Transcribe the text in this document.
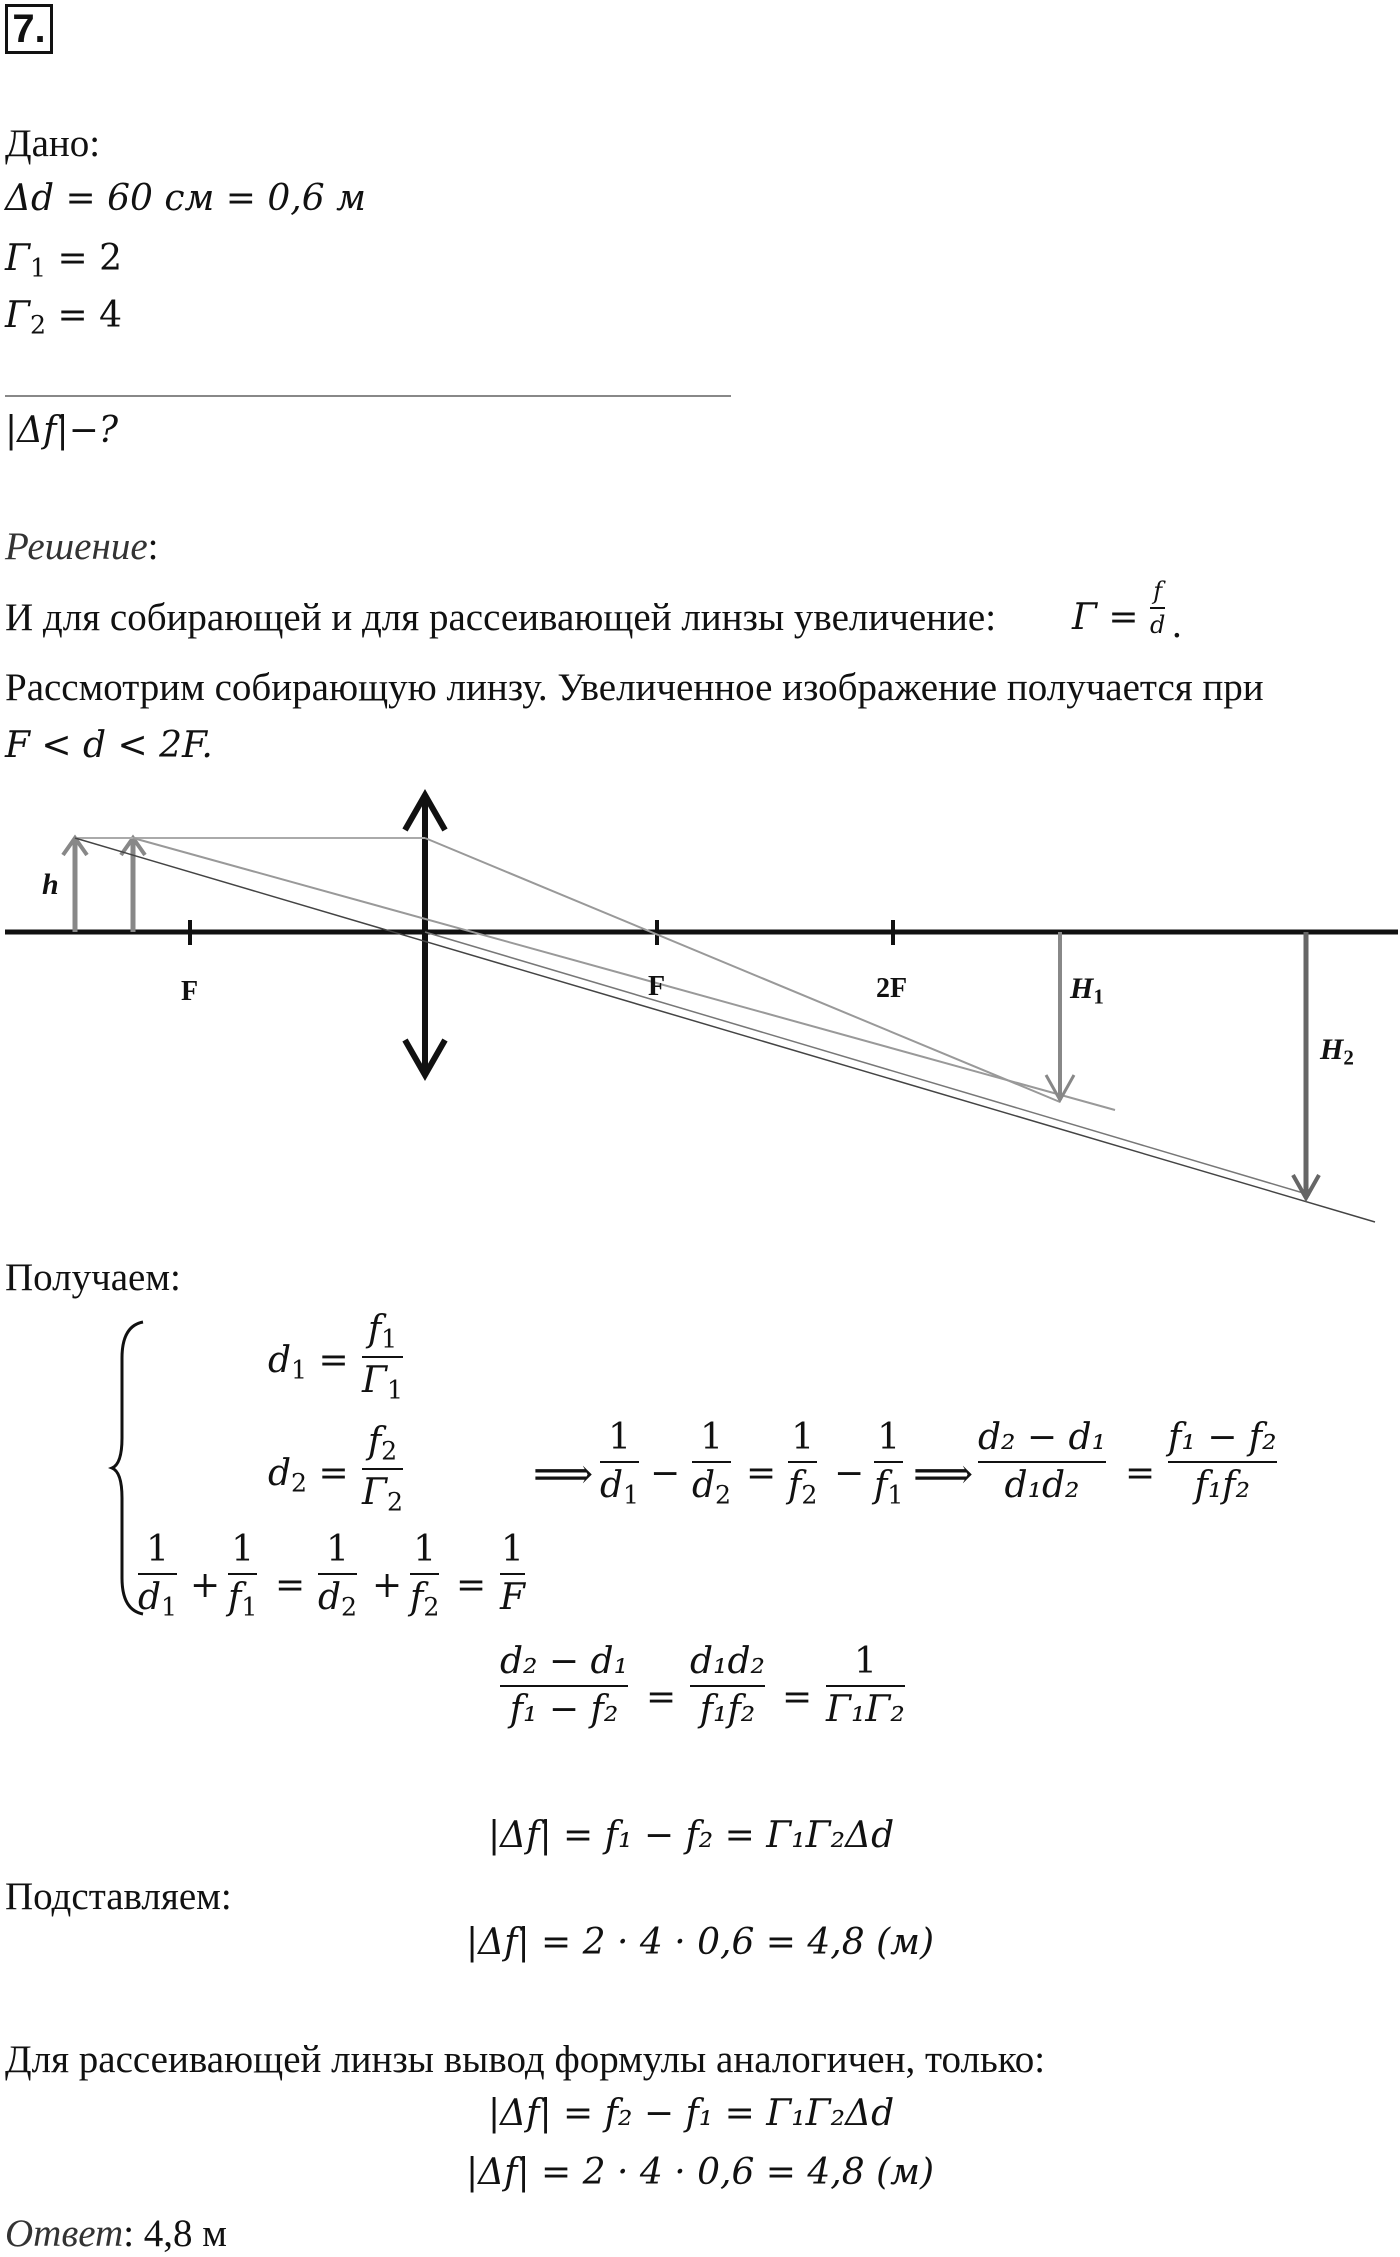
7.
Дано:
Δd = 60 см = 0,6 м
$\Gamma_1 = 2$
$\Gamma_2 = 4$
|Δf|−?
Решение:
И для собирающей и для рассеивающей линзы увеличение: Γ =
f
d .
Рассмотрим собирающую линзу. Увеличенное изображение получается при
F < d < 2F.
h
F	F	2F	$H_1$
$H_2$
Получаем:
$d_1$ =
$f_1$
$\Gamma_1$
$d_2$ =
$f_2$
$\Gamma_2$
⟹
1
$d_1$
−
1
$d_2$
=
1
$f_2$
−
1
$f_1$ ⟹
d₂ − d₁
d₁d₂ =
f₁ − f₂
f₁f₂
1
$d_1$
+
1
$f_1$
=
1
$d_2$
+
1
$f_2$
=
1
F
d₂ − d₁
f₁ − f₂ =
d₁d₂
f₁f₂ =
1
Γ₁Γ₂
|Δf| = f₁ − f₂ = Γ₁Γ₂Δd
Подставляем:
|Δf| = 2 · 4 · 0,6 = 4,8 (м)
Для рассеивающей линзы вывод формулы аналогичен, только:
|Δf| = f₂ − f₁ = Γ₁Γ₂Δd
|Δf| = 2 · 4 · 0,6 = 4,8 (м)
Ответ: 4,8 м
